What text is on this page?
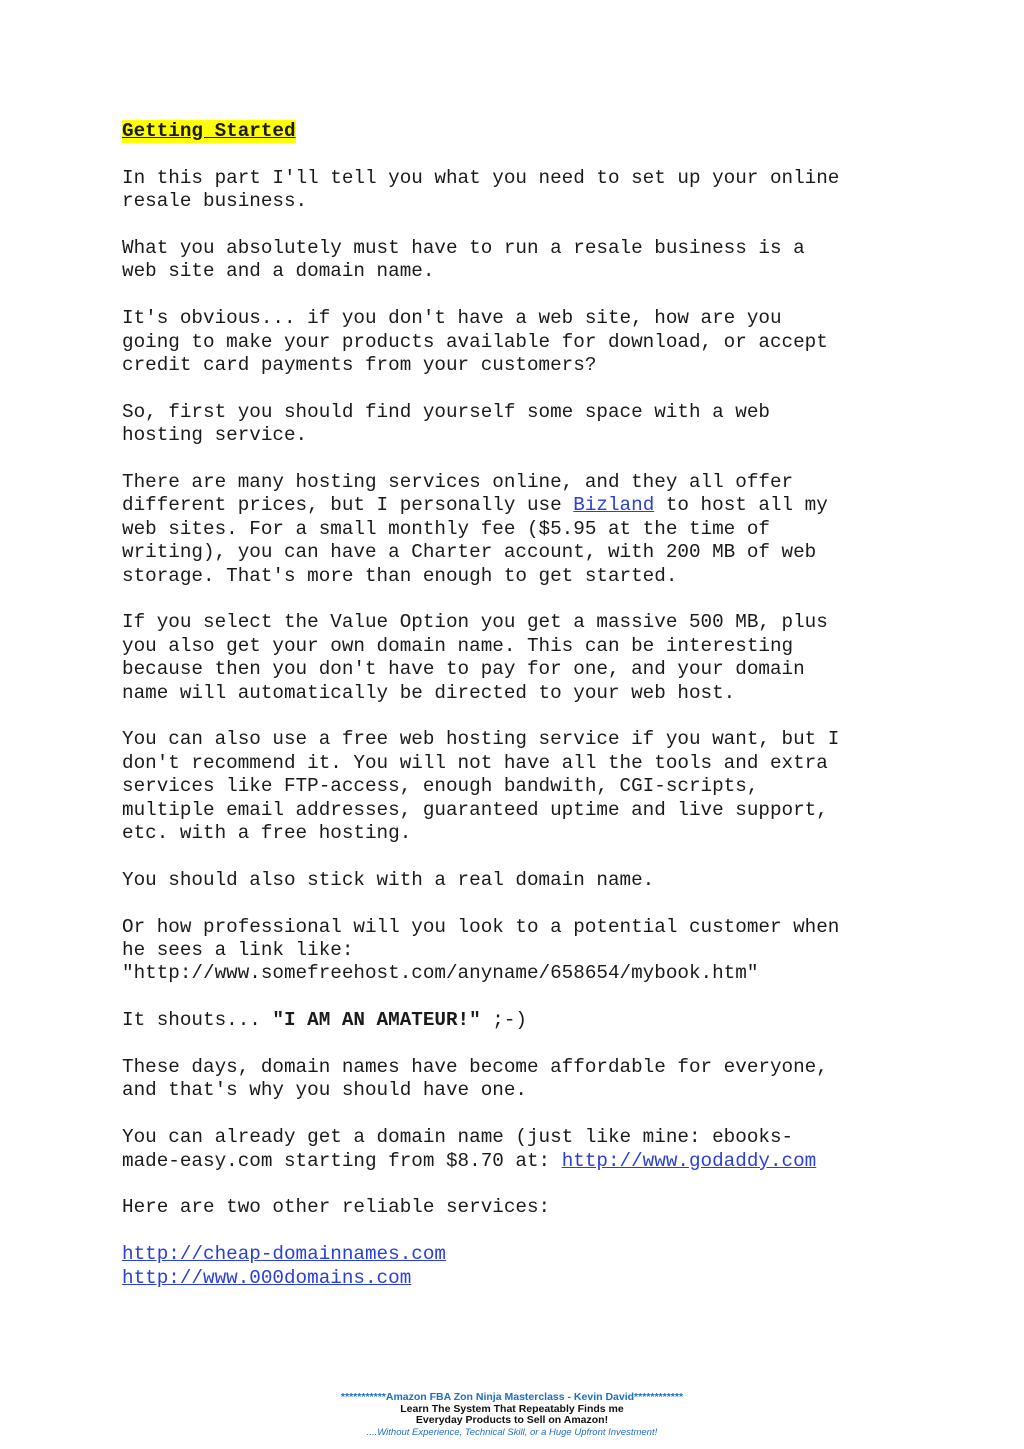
Getting Started

In this part I'll tell you what you need to set up your online
resale business.

What you absolutely must have to run a resale business is a
web site and a domain name.

It's obvious... if you don't have a web site, how are you
going to make your products available for download, or accept
credit card payments from your customers?

So, first you should find yourself some space with a web
hosting service.

There are many hosting services online, and they all offer
different prices, but I personally use Bizland to host all my
web sites. For a small monthly fee ($5.95 at the time of
writing), you can have a Charter account, with 200 MB of web
storage. That's more than enough to get started.

If you select the Value Option you get a massive 500 MB, plus
you also get your own domain name. This can be interesting
because then you don't have to pay for one, and your domain
name will automatically be directed to your web host.

You can also use a free web hosting service if you want, but I
don't recommend it. You will not have all the tools and extra
services like FTP-access, enough bandwith, CGI-scripts,
multiple email addresses, guaranteed uptime and live support,
etc. with a free hosting.

You should also stick with a real domain name.

Or how professional will you look to a potential customer when
he sees a link like:
"http://www.somefreehost.com/anyname/658654/mybook.htm"

It shouts... "I AM AN AMATEUR!" ;-)

These days, domain names have become affordable for everyone,
and that's why you should have one.

You can already get a domain name (just like mine: ebooks-
made-easy.com starting from $8.70 at: http://www.godaddy.com

Here are two other reliable services:

http://cheap-domainnames.com

http://www.000domains.com

***********Amazon FBA Zon Ninja Masterclass - Kevin David************
Learn The System That Repeatably Finds me
Everyday Products to Sell on Amazon!
....Without Experience, Technical Skill, or a Huge Upfront Investment!
